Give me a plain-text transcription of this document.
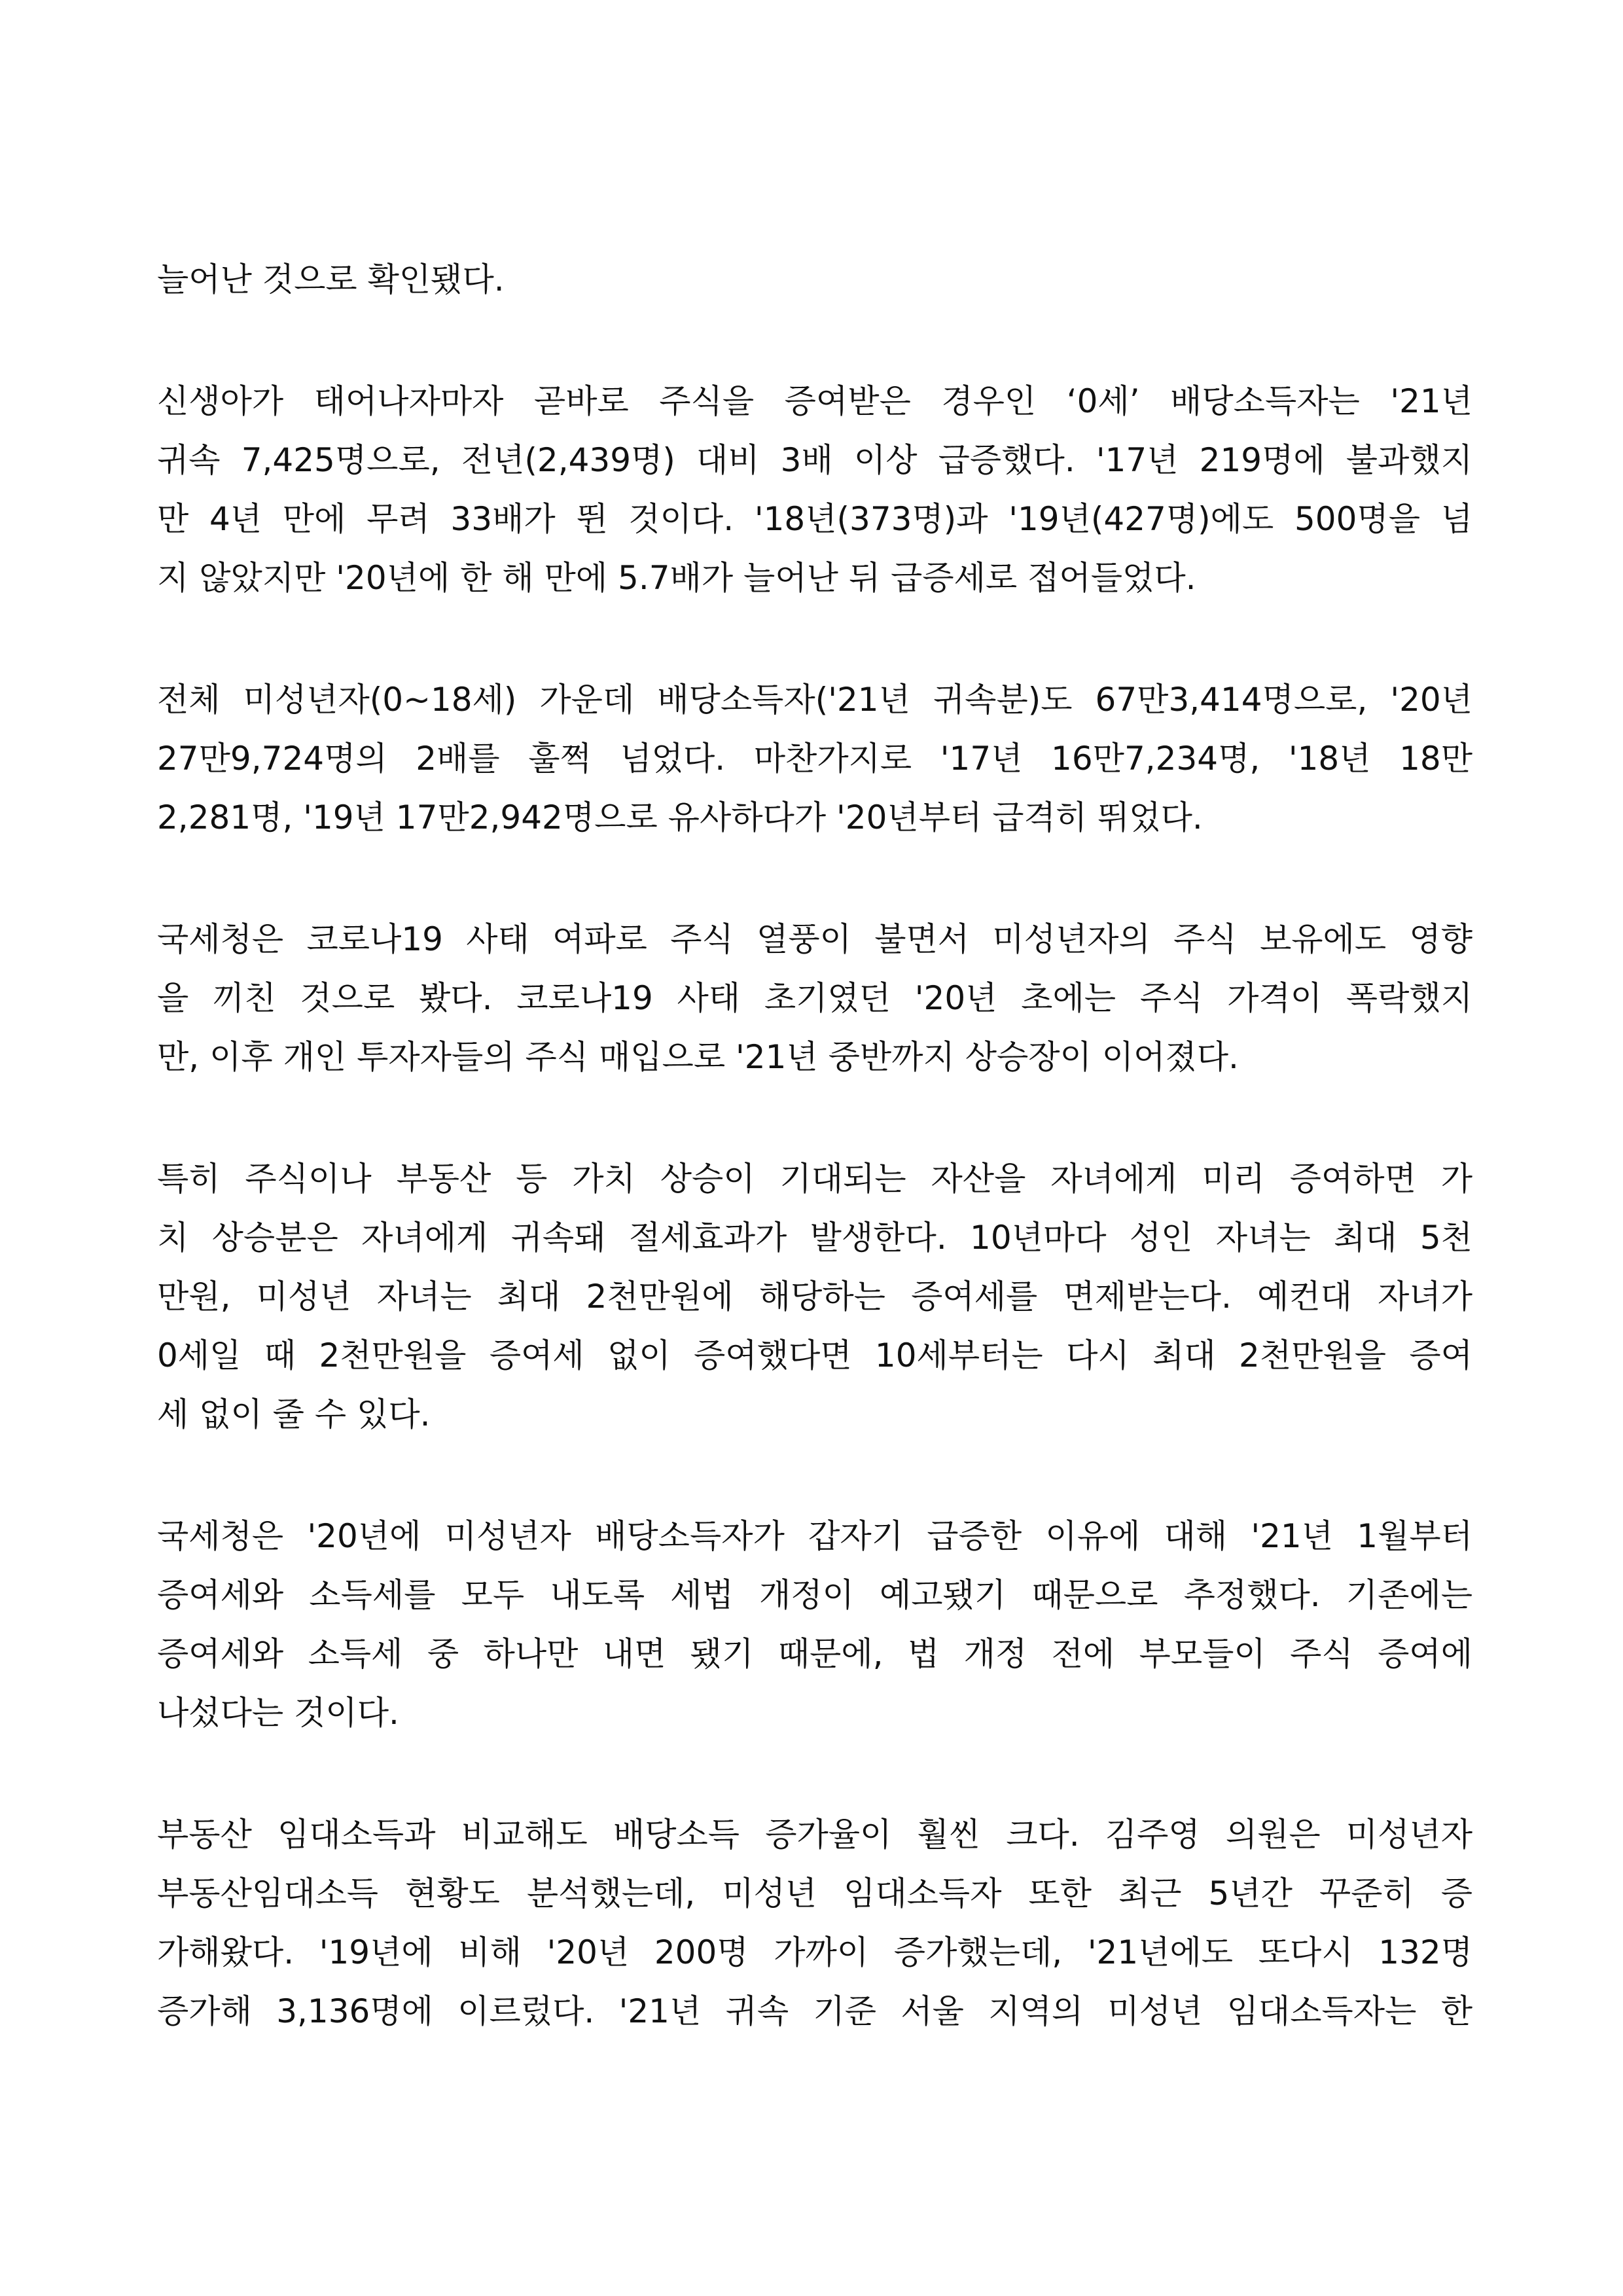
늘어난 것으로 확인됐다.
신생아가 태어나자마자 곧바로 주식을 증여받은 경우인 ‘0세’ 배당소득자는 '21년
귀속 7,425명으로, 전년(2,439명) 대비 3배 이상 급증했다. '17년 219명에 불과했지
만 4년 만에 무려 33배가 뛴 것이다. '18년(373명)과 '19년(427명)에도 500명을 넘
지 않았지만 '20년에 한 해 만에 5.7배가 늘어난 뒤 급증세로 접어들었다.
전체 미성년자(0~18세) 가운데 배당소득자('21년 귀속분)도 67만3,414명으로, '20년
27만9,724명의 2배를 훌쩍 넘었다. 마찬가지로 '17년 16만7,234명, '18년 18만
2,281명, '19년 17만2,942명으로 유사하다가 '20년부터 급격히 뛰었다.
국세청은 코로나19 사태 여파로 주식 열풍이 불면서 미성년자의 주식 보유에도 영향
을 끼친 것으로 봤다. 코로나19 사태 초기였던 '20년 초에는 주식 가격이 폭락했지
만, 이후 개인 투자자들의 주식 매입으로 '21년 중반까지 상승장이 이어졌다.
특히 주식이나 부동산 등 가치 상승이 기대되는 자산을 자녀에게 미리 증여하면 가
치 상승분은 자녀에게 귀속돼 절세효과가 발생한다. 10년마다 성인 자녀는 최대 5천
만원, 미성년 자녀는 최대 2천만원에 해당하는 증여세를 면제받는다. 예컨대 자녀가
0세일 때 2천만원을 증여세 없이 증여했다면 10세부터는 다시 최대 2천만원을 증여
세 없이 줄 수 있다.
국세청은 '20년에 미성년자 배당소득자가 갑자기 급증한 이유에 대해 '21년 1월부터
증여세와 소득세를 모두 내도록 세법 개정이 예고됐기 때문으로 추정했다. 기존에는
증여세와 소득세 중 하나만 내면 됐기 때문에, 법 개정 전에 부모들이 주식 증여에
나섰다는 것이다.
부동산 임대소득과 비교해도 배당소득 증가율이 훨씬 크다. 김주영 의원은 미성년자
부동산임대소득 현황도 분석했는데, 미성년 임대소득자 또한 최근 5년간 꾸준히 증
가해왔다. '19년에 비해 '20년 200명 가까이 증가했는데, '21년에도 또다시 132명
증가해 3,136명에 이르렀다. '21년 귀속 기준 서울 지역의 미성년 임대소득자는 한
